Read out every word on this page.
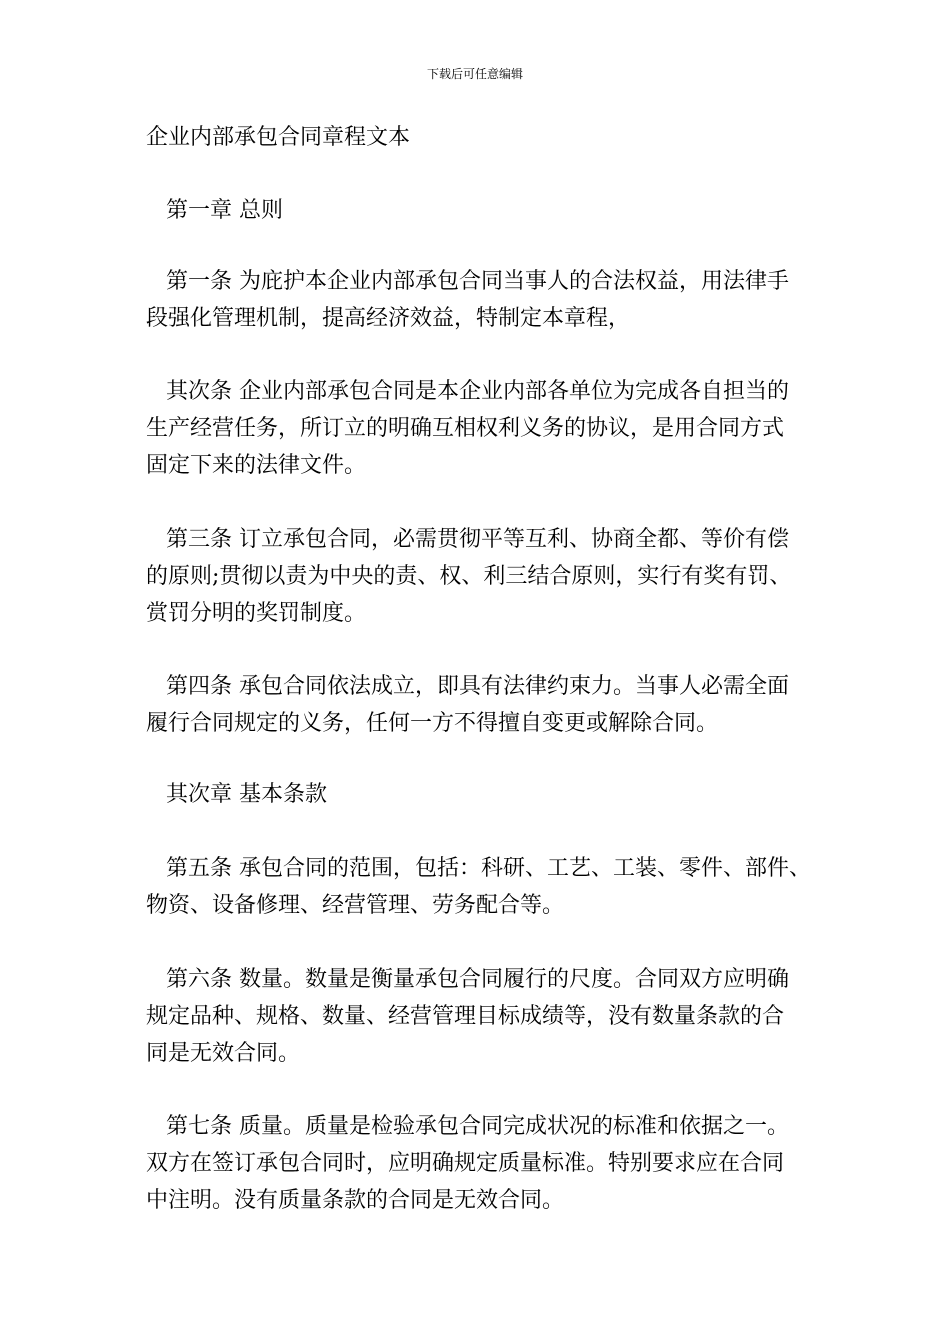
下载后可任意编辑
企业内部承包合同章程文本
第一章 总则
第一条 为庇护本企业内部承包合同当事人的合法权益，用法律手
段强化管理机制，提高经济效益，特制定本章程，
其次条 企业内部承包合同是本企业内部各单位为完成各自担当的
生产经营任务，所订立的明确互相权利义务的协议，是用合同方式
固定下来的法律文件。
第三条 订立承包合同，必需贯彻平等互利、协商全都、等价有偿
的原则;贯彻以责为中央的责、权、利三结合原则，实行有奖有罚、
赏罚分明的奖罚制度。
第四条 承包合同依法成立，即具有法律约束力。当事人必需全面
履行合同规定的义务，任何一方不得擅自变更或解除合同。
其次章 基本条款
第五条 承包合同的范围，包括：科研、工艺、工装、零件、部件、
物资、设备修理、经营管理、劳务配合等。
第六条 数量。数量是衡量承包合同履行的尺度。合同双方应明确
规定品种、规格、数量、经营管理目标成绩等，没有数量条款的合
同是无效合同。
第七条 质量。质量是检验承包合同完成状况的标准和依据之一。
双方在签订承包合同时，应明确规定质量标准。特别要求应在合同
中注明。没有质量条款的合同是无效合同。
